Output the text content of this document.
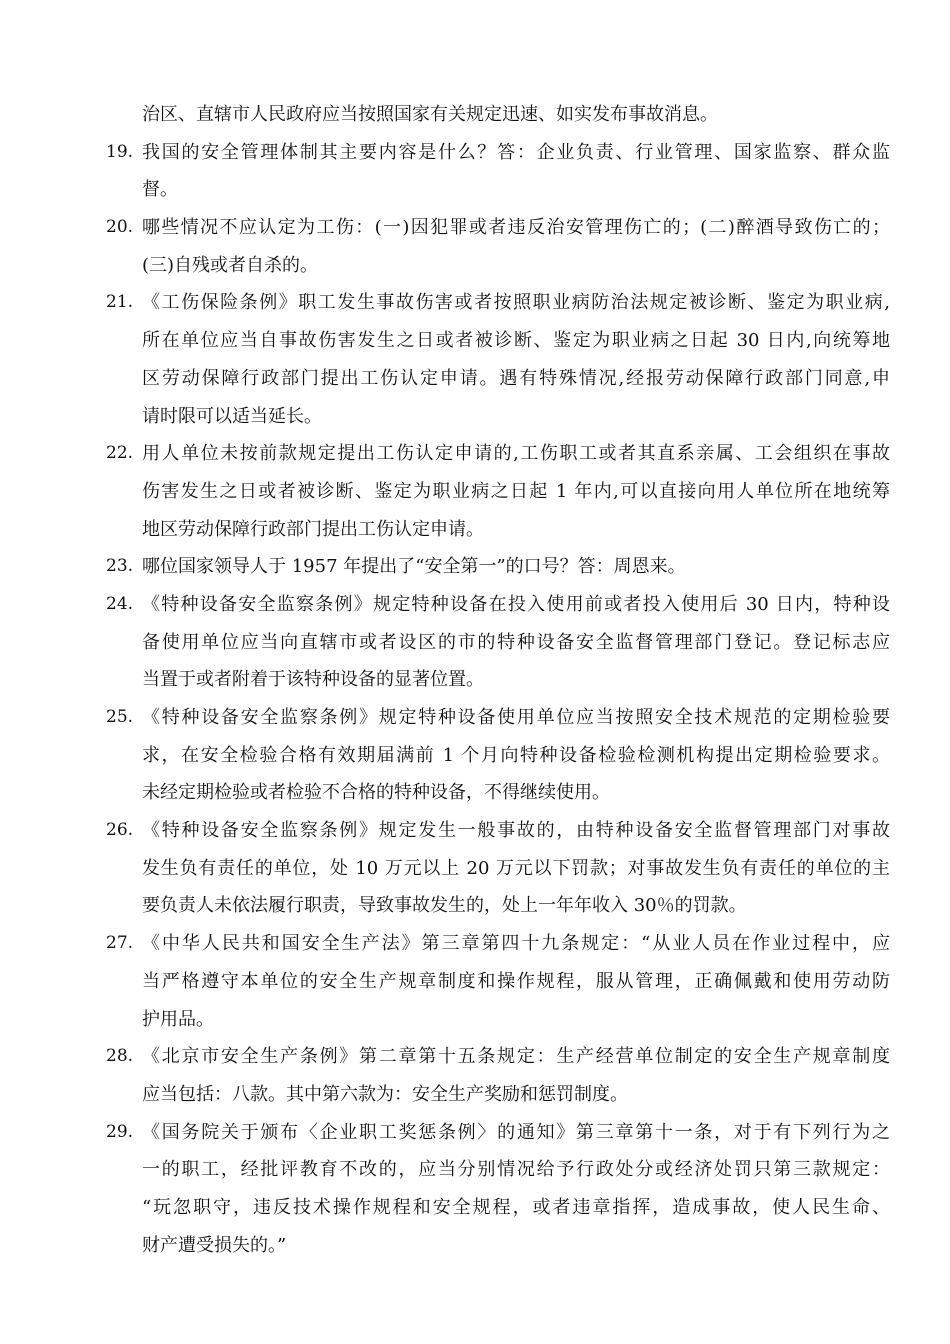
治区、直辖市人民政府应当按照国家有关规定迅速、如实发布事故消息。
19. 我国的安全管理体制其主要内容是什么？答：企业负责、行业管理、国家监察、群众监
督。
20. 哪些情况不应认定为工伤：(一)因犯罪或者违反治安管理伤亡的；(二)醉酒导致伤亡的；
(三)自残或者自杀的。
21. 《工伤保险条例》职工发生事故伤害或者按照职业病防治法规定被诊断、鉴定为职业病,
所在单位应当自事故伤害发生之日或者被诊断、鉴定为职业病之日起 30 日内,向统筹地
区劳动保障行政部门提出工伤认定申请。遇有特殊情况,经报劳动保障行政部门同意,申
请时限可以适当延长。
22. 用人单位未按前款规定提出工伤认定申请的,工伤职工或者其直系亲属、工会组织在事故
伤害发生之日或者被诊断、鉴定为职业病之日起 1 年内,可以直接向用人单位所在地统筹
地区劳动保障行政部门提出工伤认定申请。
23. 哪位国家领导人于 1957 年提出了“安全第一”的口号？答：周恩来。
24. 《特种设备安全监察条例》规定特种设备在投入使用前或者投入使用后 30 日内，特种设
备使用单位应当向直辖市或者设区的市的特种设备安全监督管理部门登记。登记标志应
当置于或者附着于该特种设备的显著位置。
25. 《特种设备安全监察条例》规定特种设备使用单位应当按照安全技术规范的定期检验要
求，在安全检验合格有效期届满前 1 个月向特种设备检验检测机构提出定期检验要求。
未经定期检验或者检验不合格的特种设备，不得继续使用。
26. 《特种设备安全监察条例》规定发生一般事故的，由特种设备安全监督管理部门对事故
发生负有责任的单位，处 10 万元以上 20 万元以下罚款；对事故发生负有责任的单位的主
要负责人未依法履行职责，导致事故发生的，处上一年年收入 30％的罚款。
27. 《中华人民共和国安全生产法》第三章第四十九条规定：“从业人员在作业过程中，应
当严格遵守本单位的安全生产规章制度和操作规程，服从管理，正确佩戴和使用劳动防
护用品。
28. 《北京市安全生产条例》第二章第十五条规定：生产经营单位制定的安全生产规章制度
应当包括：八款。其中第六款为：安全生产奖励和惩罚制度。
29. 《国务院关于颁布〈企业职工奖惩条例〉的通知》第三章第十一条，对于有下列行为之
一的职工，经批评教育不改的，应当分别情况给予行政处分或经济处罚只第三款规定：
“玩忽职守，违反技术操作规程和安全规程，或者违章指挥，造成事故，使人民生命、
财产遭受损失的。”
